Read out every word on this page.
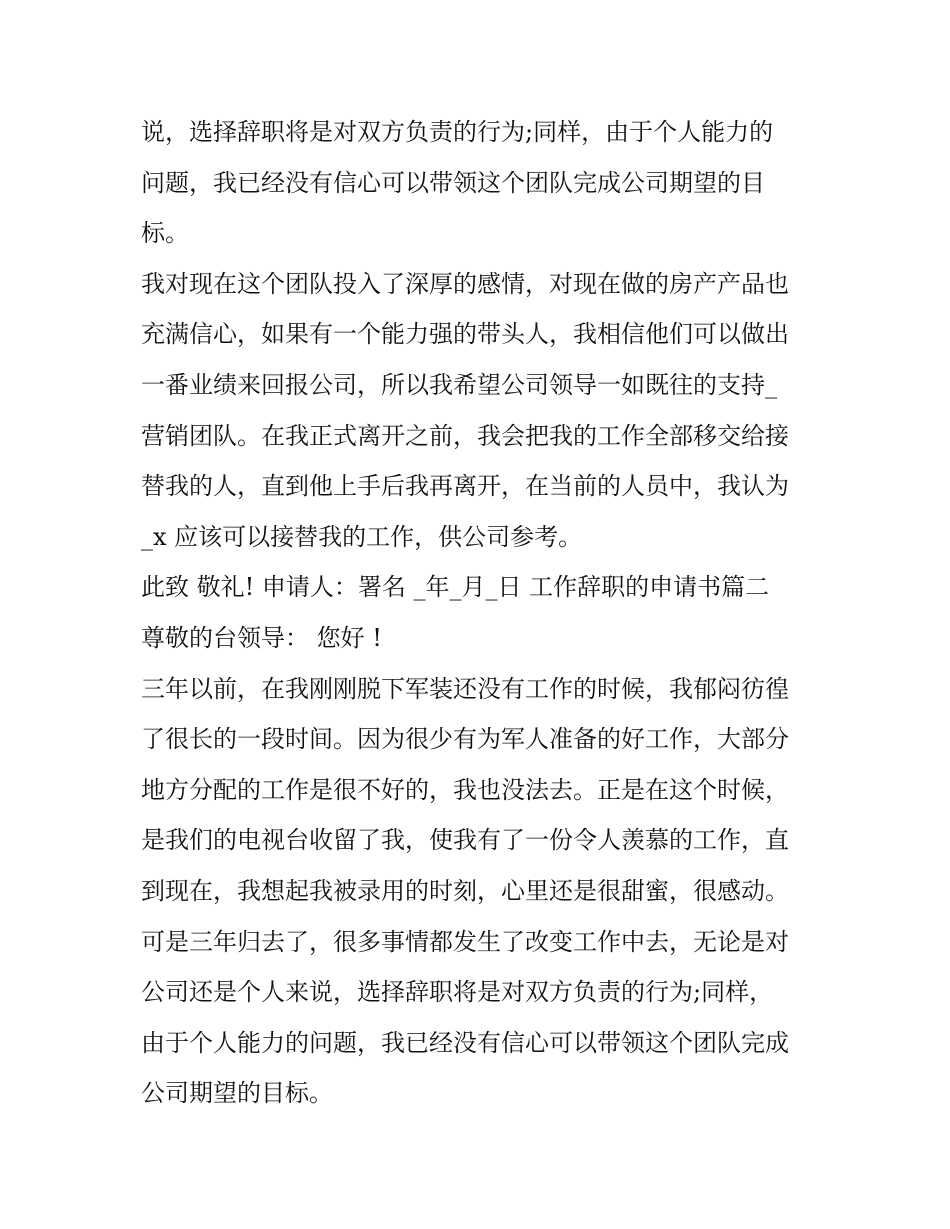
说，选择辞职将是对双方负责的行为;同样，由于个人能力的
问题，我已经没有信心可以带领这个团队完成公司期望的目
标。
我对现在这个团队投入了深厚的感情，对现在做的房产产品也
充满信心，如果有一个能力强的带头人，我相信他们可以做出
一番业绩来回报公司，所以我希望公司领导一如既往的支持_
营销团队。在我正式离开之前，我会把我的工作全部移交给接
替我的人，直到他上手后我再离开，在当前的人员中，我认为
_x 应该可以接替我的工作，供公司参考。
此致 敬礼! 申请人：署名 _年_月_日 工作辞职的申请书篇二
尊敬的台领导： 您好 !
三年以前，在我刚刚脱下军装还没有工作的时候，我郁闷彷徨
了很长的一段时间。因为很少有为军人准备的好工作，大部分
地方分配的工作是很不好的，我也没法去。正是在这个时候，
是我们的电视台收留了我，使我有了一份令人羡慕的工作，直
到现在，我想起我被录用的时刻，心里还是很甜蜜，很感动。
可是三年归去了，很多事情都发生了改变工作中去，无论是对
公司还是个人来说，选择辞职将是对双方负责的行为;同样，
由于个人能力的问题，我已经没有信心可以带领这个团队完成
公司期望的目标。
